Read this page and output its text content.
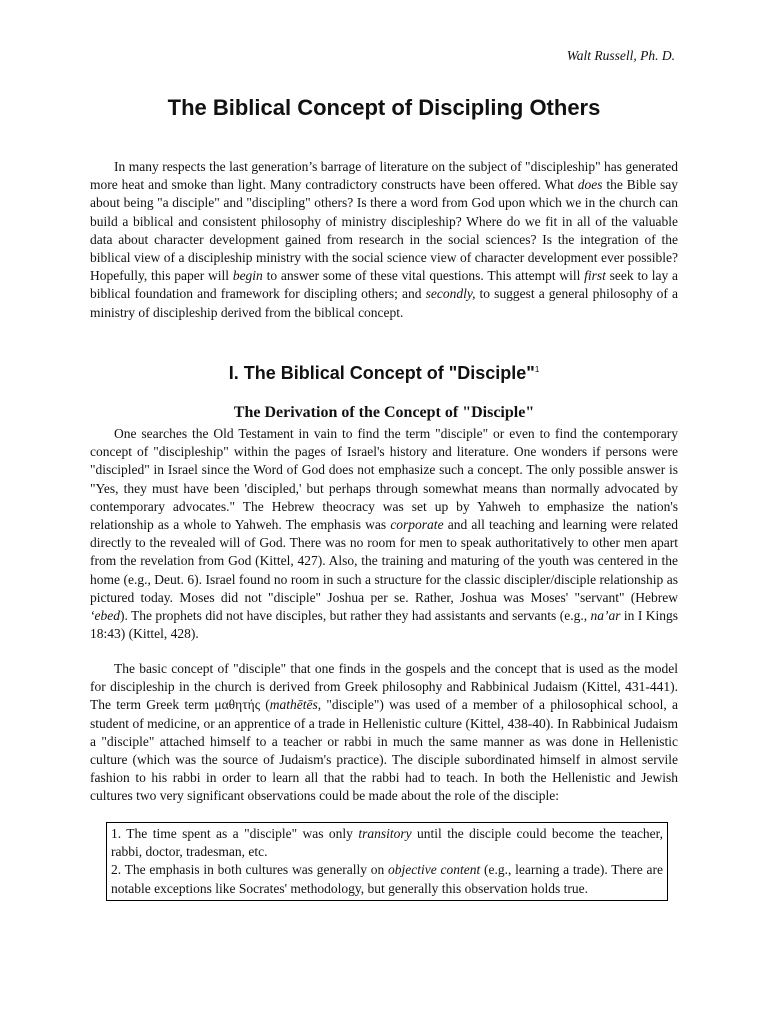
Walt Russell, Ph. D.
The Biblical Concept of Discipling Others

In many respects the last generation’s barrage of literature on the subject of "discipleship" has generated more heat and smoke than light. Many contradictory constructs have been offered. What does the Bible say about being "a disciple" and "discipling" others? Is there a word from God upon which we in the church can build a biblical and consistent philosophy of ministry discipleship? Where do we fit in all of the valuable data about character development gained from research in the social sciences? Is the integration of the biblical view of a discipleship ministry with the social science view of character development ever possible? Hopefully, this paper will begin to answer some of these vital questions. This attempt will first seek to lay a biblical foundation and framework for discipling others; and secondly, to suggest a general philosophy of a ministry of discipleship derived from the biblical concept.

I. The Biblical Concept of "Disciple"$^1$
The Derivation of the Concept of "Disciple"

One searches the Old Testament in vain to find the term "disciple" or even to find the contemporary concept of "discipleship" within the pages of Israel's history and literature. One wonders if persons were "discipled" in Israel since the Word of God does not emphasize such a concept. The only possible answer is "Yes, they must have been 'discipled,' but perhaps through somewhat means than normally advocated by contemporary advocates." The Hebrew theocracy was set up by Yahweh to emphasize the nation's relationship as a whole to Yahweh. The emphasis was corporate and all teaching and learning were related directly to the revealed will of God. There was no room for men to speak authoritatively to other men apart from the revelation from God (Kittel, 427). Also, the training and maturing of the youth was centered in the home (e.g., Deut. 6). Israel found no room in such a structure for the classic discipler/disciple relationship as pictured today. Moses did not "disciple" Joshua per se. Rather, Joshua was Moses' "servant" (Hebrew ‘ebed). The prophets did not have disciples, but rather they had assistants and servants (e.g., na’ar in I Kings 18:43) (Kittel, 428).

The basic concept of "disciple" that one finds in the gospels and the concept that is used as the model for discipleship in the church is derived from Greek philosophy and Rabbinical Judaism (Kittel, 431-441). The term Greek term μαθητής (mathētēs, "disciple") was used of a member of a philosophical school, a student of medicine, or an apprentice of a trade in Hellenistic culture (Kittel, 438-40). In Rabbinical Judaism a "disciple" attached himself to a teacher or rabbi in much the same manner as was done in Hellenistic culture (which was the source of Judaism's practice). The disciple subordinated himself in almost servile fashion to his rabbi in order to learn all that the rabbi had to teach. In both the Hellenistic and Jewish cultures two very significant observations could be made about the role of the disciple:

1. The time spent as a "disciple" was only transitory until the disciple could become the teacher, rabbi, doctor, tradesman, etc.

2. The emphasis in both cultures was generally on objective content (e.g., learning a trade). There are notable exceptions like Socrates' methodology, but generally this observation holds true.
